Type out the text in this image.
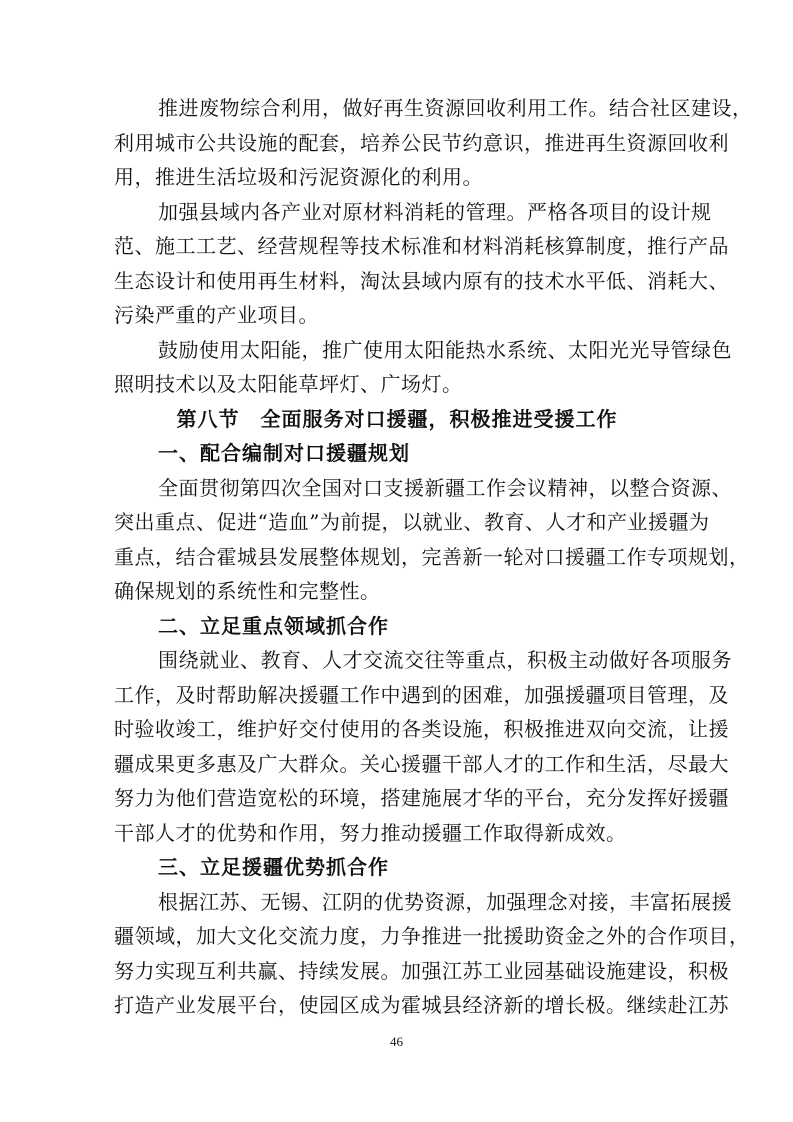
推进废物综合利用，做好再生资源回收利用工作。结合社区建设，
利用城市公共设施的配套，培养公民节约意识，推进再生资源回收利
用，推进生活垃圾和污泥资源化的利用。
加强县域内各产业对原材料消耗的管理。严格各项目的设计规
范、施工工艺、经营规程等技术标准和材料消耗核算制度，推行产品
生态设计和使用再生材料，淘汰县域内原有的技术水平低、消耗大、
污染严重的产业项目。
鼓励使用太阳能，推广使用太阳能热水系统、太阳光光导管绿色
照明技术以及太阳能草坪灯、广场灯。
第八节　全面服务对口援疆，积极推进受援工作
一、配合编制对口援疆规划
全面贯彻第四次全国对口支援新疆工作会议精神，以整合资源、
突出重点、促进“造血”为前提，以就业、教育、人才和产业援疆为
重点，结合霍城县发展整体规划，完善新一轮对口援疆工作专项规划，
确保规划的系统性和完整性。
二、立足重点领域抓合作
围绕就业、教育、人才交流交往等重点，积极主动做好各项服务
工作，及时帮助解决援疆工作中遇到的困难，加强援疆项目管理，及
时验收竣工，维护好交付使用的各类设施，积极推进双向交流，让援
疆成果更多惠及广大群众。关心援疆干部人才的工作和生活，尽最大
努力为他们营造宽松的环境，搭建施展才华的平台，充分发挥好援疆
干部人才的优势和作用，努力推动援疆工作取得新成效。
三、立足援疆优势抓合作
根据江苏、无锡、江阴的优势资源，加强理念对接，丰富拓展援
疆领域，加大文化交流力度，力争推进一批援助资金之外的合作项目，
努力实现互利共赢、持续发展。加强江苏工业园基础设施建设，积极
打造产业发展平台，使园区成为霍城县经济新的增长极。继续赴江苏
46
